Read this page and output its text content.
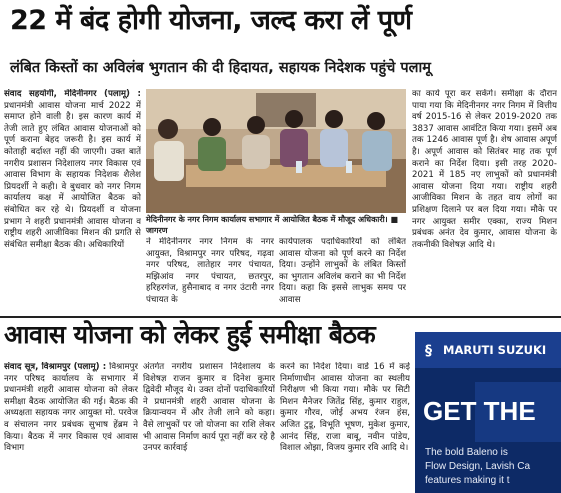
22 में बंद होगी योजना, जल्द करा लें पूर्ण
लंबित किस्तों का अविलंब भुगतान की दी हिदायत, सहायक निदेशक पहुंचे पलामू
संवाद सहयोगी, मेदिनीनगर (पलामू) : प्रधानमंत्री आवास योजना मार्च 2022 में समाप्त होने वाली है। इस कारण कार्य में तेजी लाते हुए लंबित आवास योजनाओं को पूर्ण कराना बेहद जरूरी है। इस कार्य में कोताही बर्दाश्त नहीं की जाएगी। उक्त बातें नगरीय प्रशासन निदेशालय नगर विकास एवं आवास विभाग के सहायक निदेशक शैलेश प्रियदर्शी ने कही। वे बुधवार को नगर निगम कार्यालय कक्ष में आयोजित बैठक को संबोधित कर रहे थे। प्रियदर्शी व योजना प्रभाग ने शहरी प्रधानमंत्री आवास योजना व राष्ट्रीय शहरी आजीविका मिशन की प्रगति से संबंधित समीक्षा बैठक की। अधिकारियों
मेदिनीनगर के नगर निगम कार्यालय सभागार में आयोजित बैठक में मौजूद अधिकारी। ■ जागरण
ने मेदिनीनगर नगर निगम के नगर आयुक्त, विश्रामपुर नगर परिषद, गढ़वा नगर परिषद, लातेहार नगर पंचायत, मझिआंव नगर पंचायत, छतरपुर, हरिहरगंज, हुसैनाबाद व नगर उंटारी नगर पंचायत के
कार्यपालक पदाधिकारियों को लंबित आवास योजना को पूर्ण करने का निर्देश दिया। उन्होंने लाभुकों के लंबित किस्तों का भुगतान अविलंब कराने का भी निर्देश दिया। कहा कि इससे लाभुक समय पर आवास
का कार्य पूरा कर सकेंगे। समीक्षा के दौरान पाया गया कि मेदिनीनगर नगर निगम में वित्तीय वर्ष 2015-16 से लेकर 2019-2020 तक 3837 आवास आवंटित किया गया। इसमें अब तक 1246 आवास पूर्ण है। शेष आवास अपूर्ण है। अपूर्ण आवास को सितंबर माह तक पूर्ण कराने का निर्देश दिया। इसी तरह 2020-2021 में 185 नए लाभुकों को प्रधानमंत्री आवास योजना दिया गया। राष्ट्रीय शहरी आजीविका मिशन के तहत वाय लोगों का प्रशिक्षण दिलाने पर बल दिया गया। मौके पर नगर आयुक्त समीर एक्का, राज्य मिशन प्रबंधक अनंत देव कुमार, आवास योजना के तकनीकी विशेषज्ञ आदि थे।
आवास योजना को लेकर हुई समीक्षा बैठक
संवाद सूत्र, विश्रामपुर (पलामू) : विश्रामपुर नगर परिषद कार्यालय के सभागार में प्रधानमंत्री शहरी आवास योजना को लेकर समीक्षा बैठक आयोजित की गई। बैठक की अध्यक्षता सहायक नगर आयुक्त मो. परवेज व संचालन नगर प्रबंधक सुभाष हेंब्रम ने किया। बैठक में नगर विकास एवं आवास विभाग
अंतर्गत नगरीय प्रशासन निदेशालय के विशेषज्ञ राजन कुमार व दिनेश कुमार द्विवेदी मौजूद थे। उक्त दोनों पदाधिकारियों ने प्रधानमंत्री शहरी आवास योजना के क्रियान्वयन में और तेजी लाने को कहा। वैसे लाभुकों पर जो योजना का राशि लेकर भी आवास निर्माण कार्य पूरा नहीं कर रहे है उनपर कार्रवाई
करने का निर्देश दिया। वार्ड 16 में कई निर्माणाधीन आवास योजना का स्थलीय निरीक्षण भी किया गया। मौके पर सिटी मिशन मैनेजर जितेंद्र सिंह, कुमार राहुल, कुमार गौरव, जोई अभय रंजन हंस, अजित टुडू, विभूति भूषण, मुकेश कुमार, आनंद सिंह, राजा बाबू, नवीन पांडेय, विशाल ओझा, विजय कुमार रवि आदि थे।
§ MARUTI SUZUKI
GET THE
The bold Baleno is
Flow Design, Lavish Ca
features making it t
